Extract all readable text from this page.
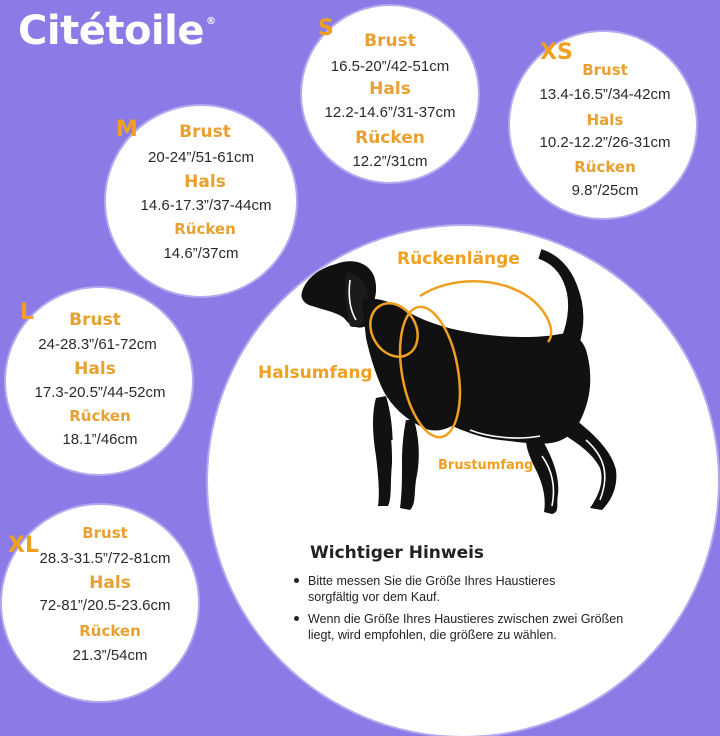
Citétoile ®	S	Brust
16.5-20”/42-51cm
Hals
12.2-14.6”/31-37cm
Rücken
12.2”/31cm
XS
Brust
13.4-16.5”/34-42cm
Hals
10.2-12.2”/26-31cm
Rücken
9.8”/25cm
M	Brust
20-24”/51-61cm
Hals
14.6-17.3”/37-44cm
Rücken
14.6”/37cm
L	Brust
24-28.3”/61-72cm
Hals
17.3-20.5”/44-52cm
Rücken
18.1”/46cm
XL	Brust
28.3-31.5”/72-81cm
Hals
72-81”/20.5-23.6cm
Rücken
21.3”/54cm
Rückenlänge
Halsumfang
Brustumfang
Wichtiger Hinweis
Bitte messen Sie die Größe Ihres Haustieres sorgfältig vor dem Kauf.
Wenn die Größe Ihres Haustieres zwischen zwei Größen liegt, wird empfohlen, die größere zu wählen.
